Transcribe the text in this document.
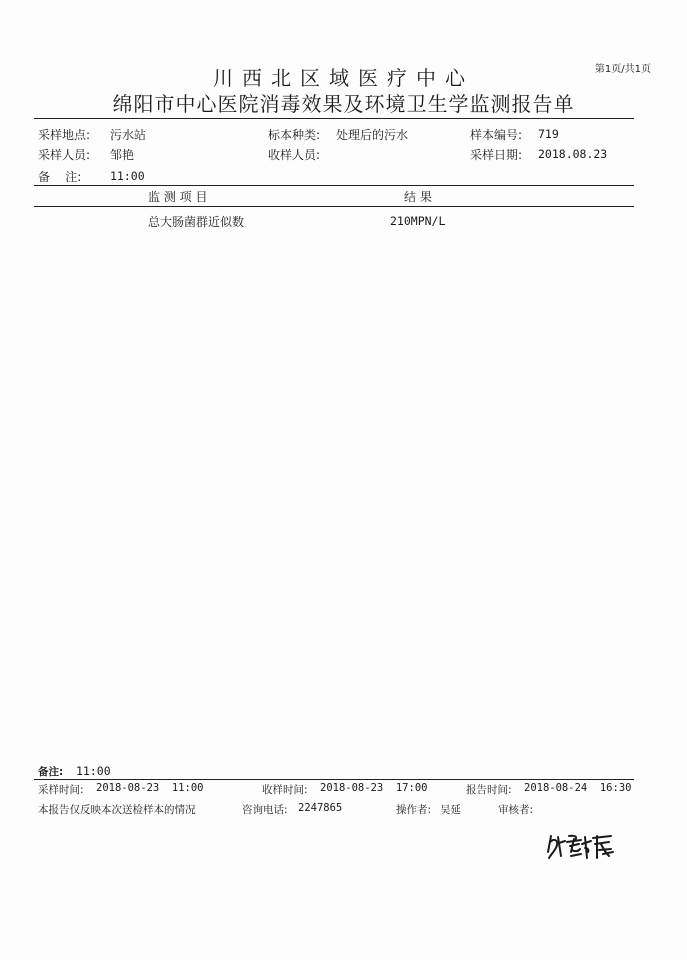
第1页/共1页
川西北区域医疗中心
绵阳市中心医院消毒效果及环境卫生学监测报告单
采样地点: 污水站	标本种类: 处理后的污水	样本编号: 719
采样人员: 邹艳	收样人员:	采样日期: 2018.08.23
备    注: 11:00
监 测 项 目	结 果
总大肠菌群近似数	210MPN/L
备注: 11:00
采样时间: 2018-08-23  11:00	收样时间: 2018-08-23  17:00	报告时间: 2018-08-24  16:30
本报告仅反映本次送检样本的情况	咨询电话: 2247865	操作者: 吴延	审核者:
